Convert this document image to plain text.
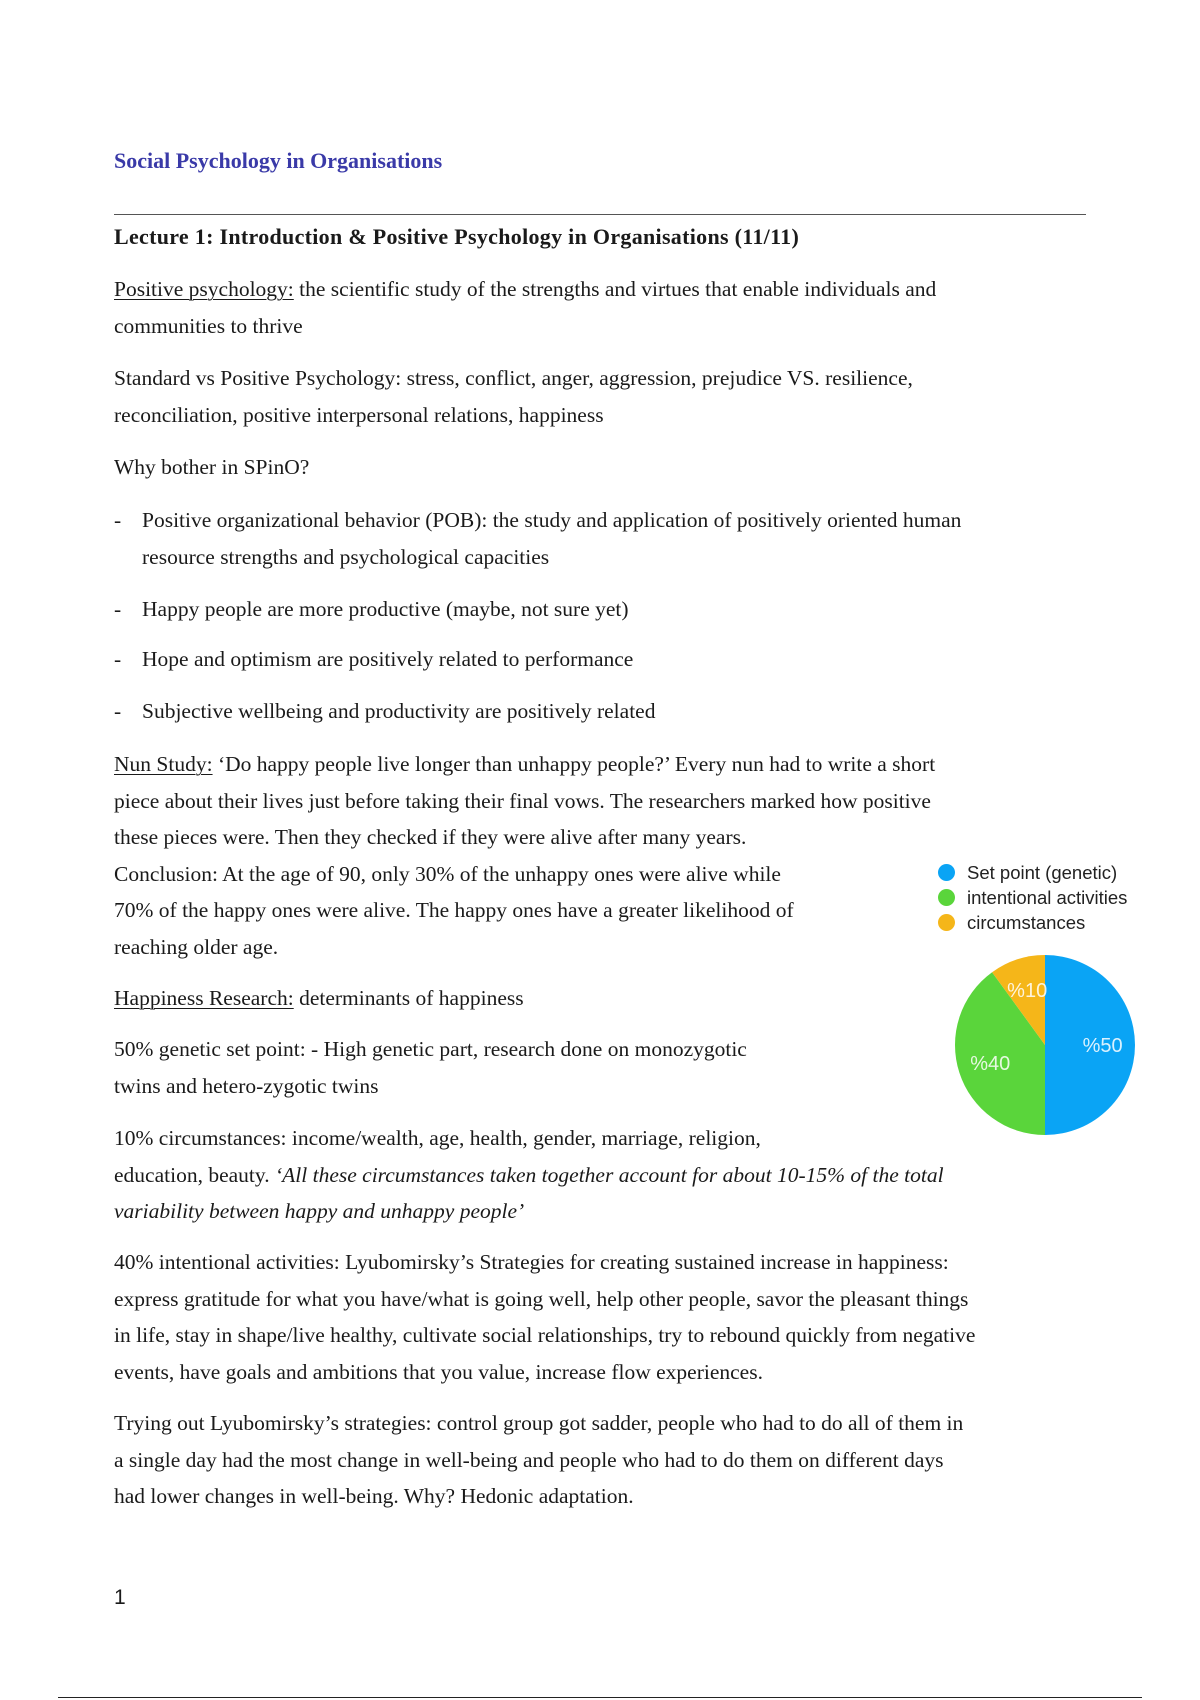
Social Psychology in Organisations
Lecture 1: Introduction & Positive Psychology in Organisations (11/11)

Positive psychology: the scientific study of the strengths and virtues that enable individuals and
communities to thrive

Standard vs Positive Psychology: stress, conflict, anger, aggression, prejudice VS. resilience,
reconciliation, positive interpersonal relations, happiness

Why bother in SPinO?

- Positive organizational behavior (POB): the study and application of positively oriented human
resource strengths and psychological capacities

- Happy people are more productive (maybe, not sure yet)

- Hope and optimism are positively related to performance

- Subjective wellbeing and productivity are positively related

Nun Study: ‘Do happy people live longer than unhappy people?’ Every nun had to write a short
piece about their lives just before taking their final vows. The researchers marked how positive
these pieces were. Then they checked if they were alive after many years.
Conclusion: At the age of 90, only 30% of the unhappy ones were alive while
70% of the happy ones were alive. The happy ones have a greater likelihood of
reaching older age.

Happiness Research: determinants of happiness

50% genetic set point: - High genetic part, research done on monozygotic
twins and hetero-zygotic twins

10% circumstances: income/wealth, age, health, gender, marriage, religion,
education, beauty. ‘All these circumstances taken together account for about 10-15% of the total
variability between happy and unhappy people’

40% intentional activities: Lyubomirsky’s Strategies for creating sustained increase in happiness:
express gratitude for what you have/what is going well, help other people, savor the pleasant things
in life, stay in shape/live healthy, cultivate social relationships, try to rebound quickly from negative
events, have goals and ambitions that you value, increase flow experiences.

Trying out Lyubomirsky’s strategies: control group got sadder, people who had to do all of them in
a single day had the most change in well-being and people who had to do them on different days
had lower changes in well-being. Why? Hedonic adaptation.

Set point (genetic)
intentional activities
circumstances
%50
%40
%10
1
